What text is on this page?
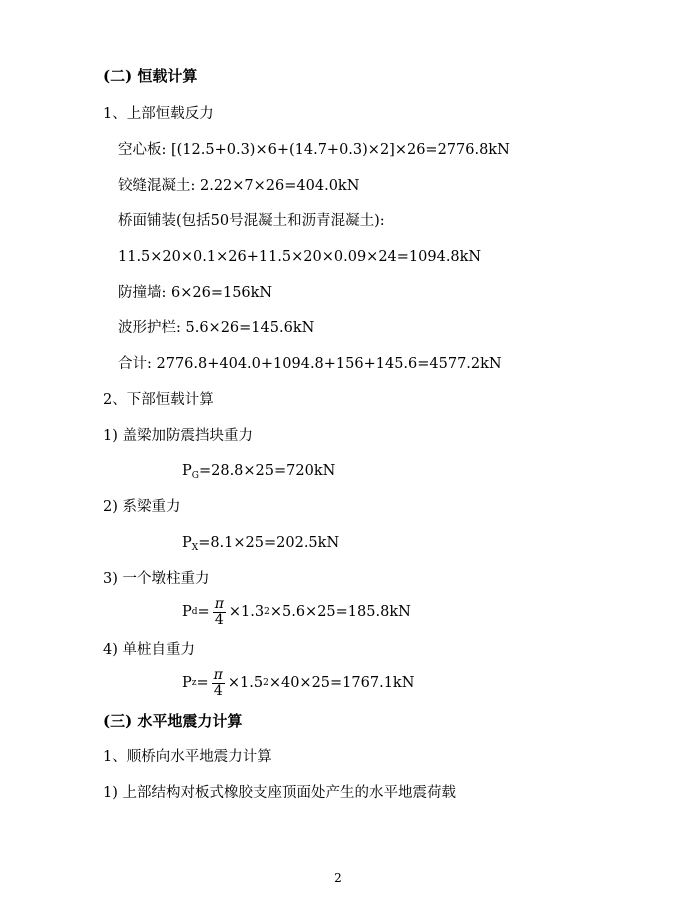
(二) 恒载计算
1、上部恒载反力
空心板: [(12.5+0.3)×6+(14.7+0.3)×2]×26=2776.8kN
铰缝混凝土: 2.22×7×26=404.0kN
桥面铺装(包括50号混凝土和沥青混凝土):
11.5×20×0.1×26+11.5×20×0.09×24=1094.8kN
防撞墙: 6×26=156kN
波形护栏: 5.6×26=145.6kN
合计: 2776.8+404.0+1094.8+156+145.6=4577.2kN
2、下部恒载计算
1) 盖梁加防震挡块重力
$P_G=28.8\times 25=720kN$
2) 系梁重力
$P_X=8.1\times 25=202.5kN$
3) 一个墩柱重力
P $d = \frac{\pi}{4} \times 1.3$ 2 ×5.6×25=185.8kN
4) 单桩自重力
P $z = \frac{\pi}{4} \times 1.5$ 2 ×40×25=1767.1kN
(三) 水平地震力计算
1、顺桥向水平地震力计算
1) 上部结构对板式橡胶支座顶面处产生的水平地震荷载
2
